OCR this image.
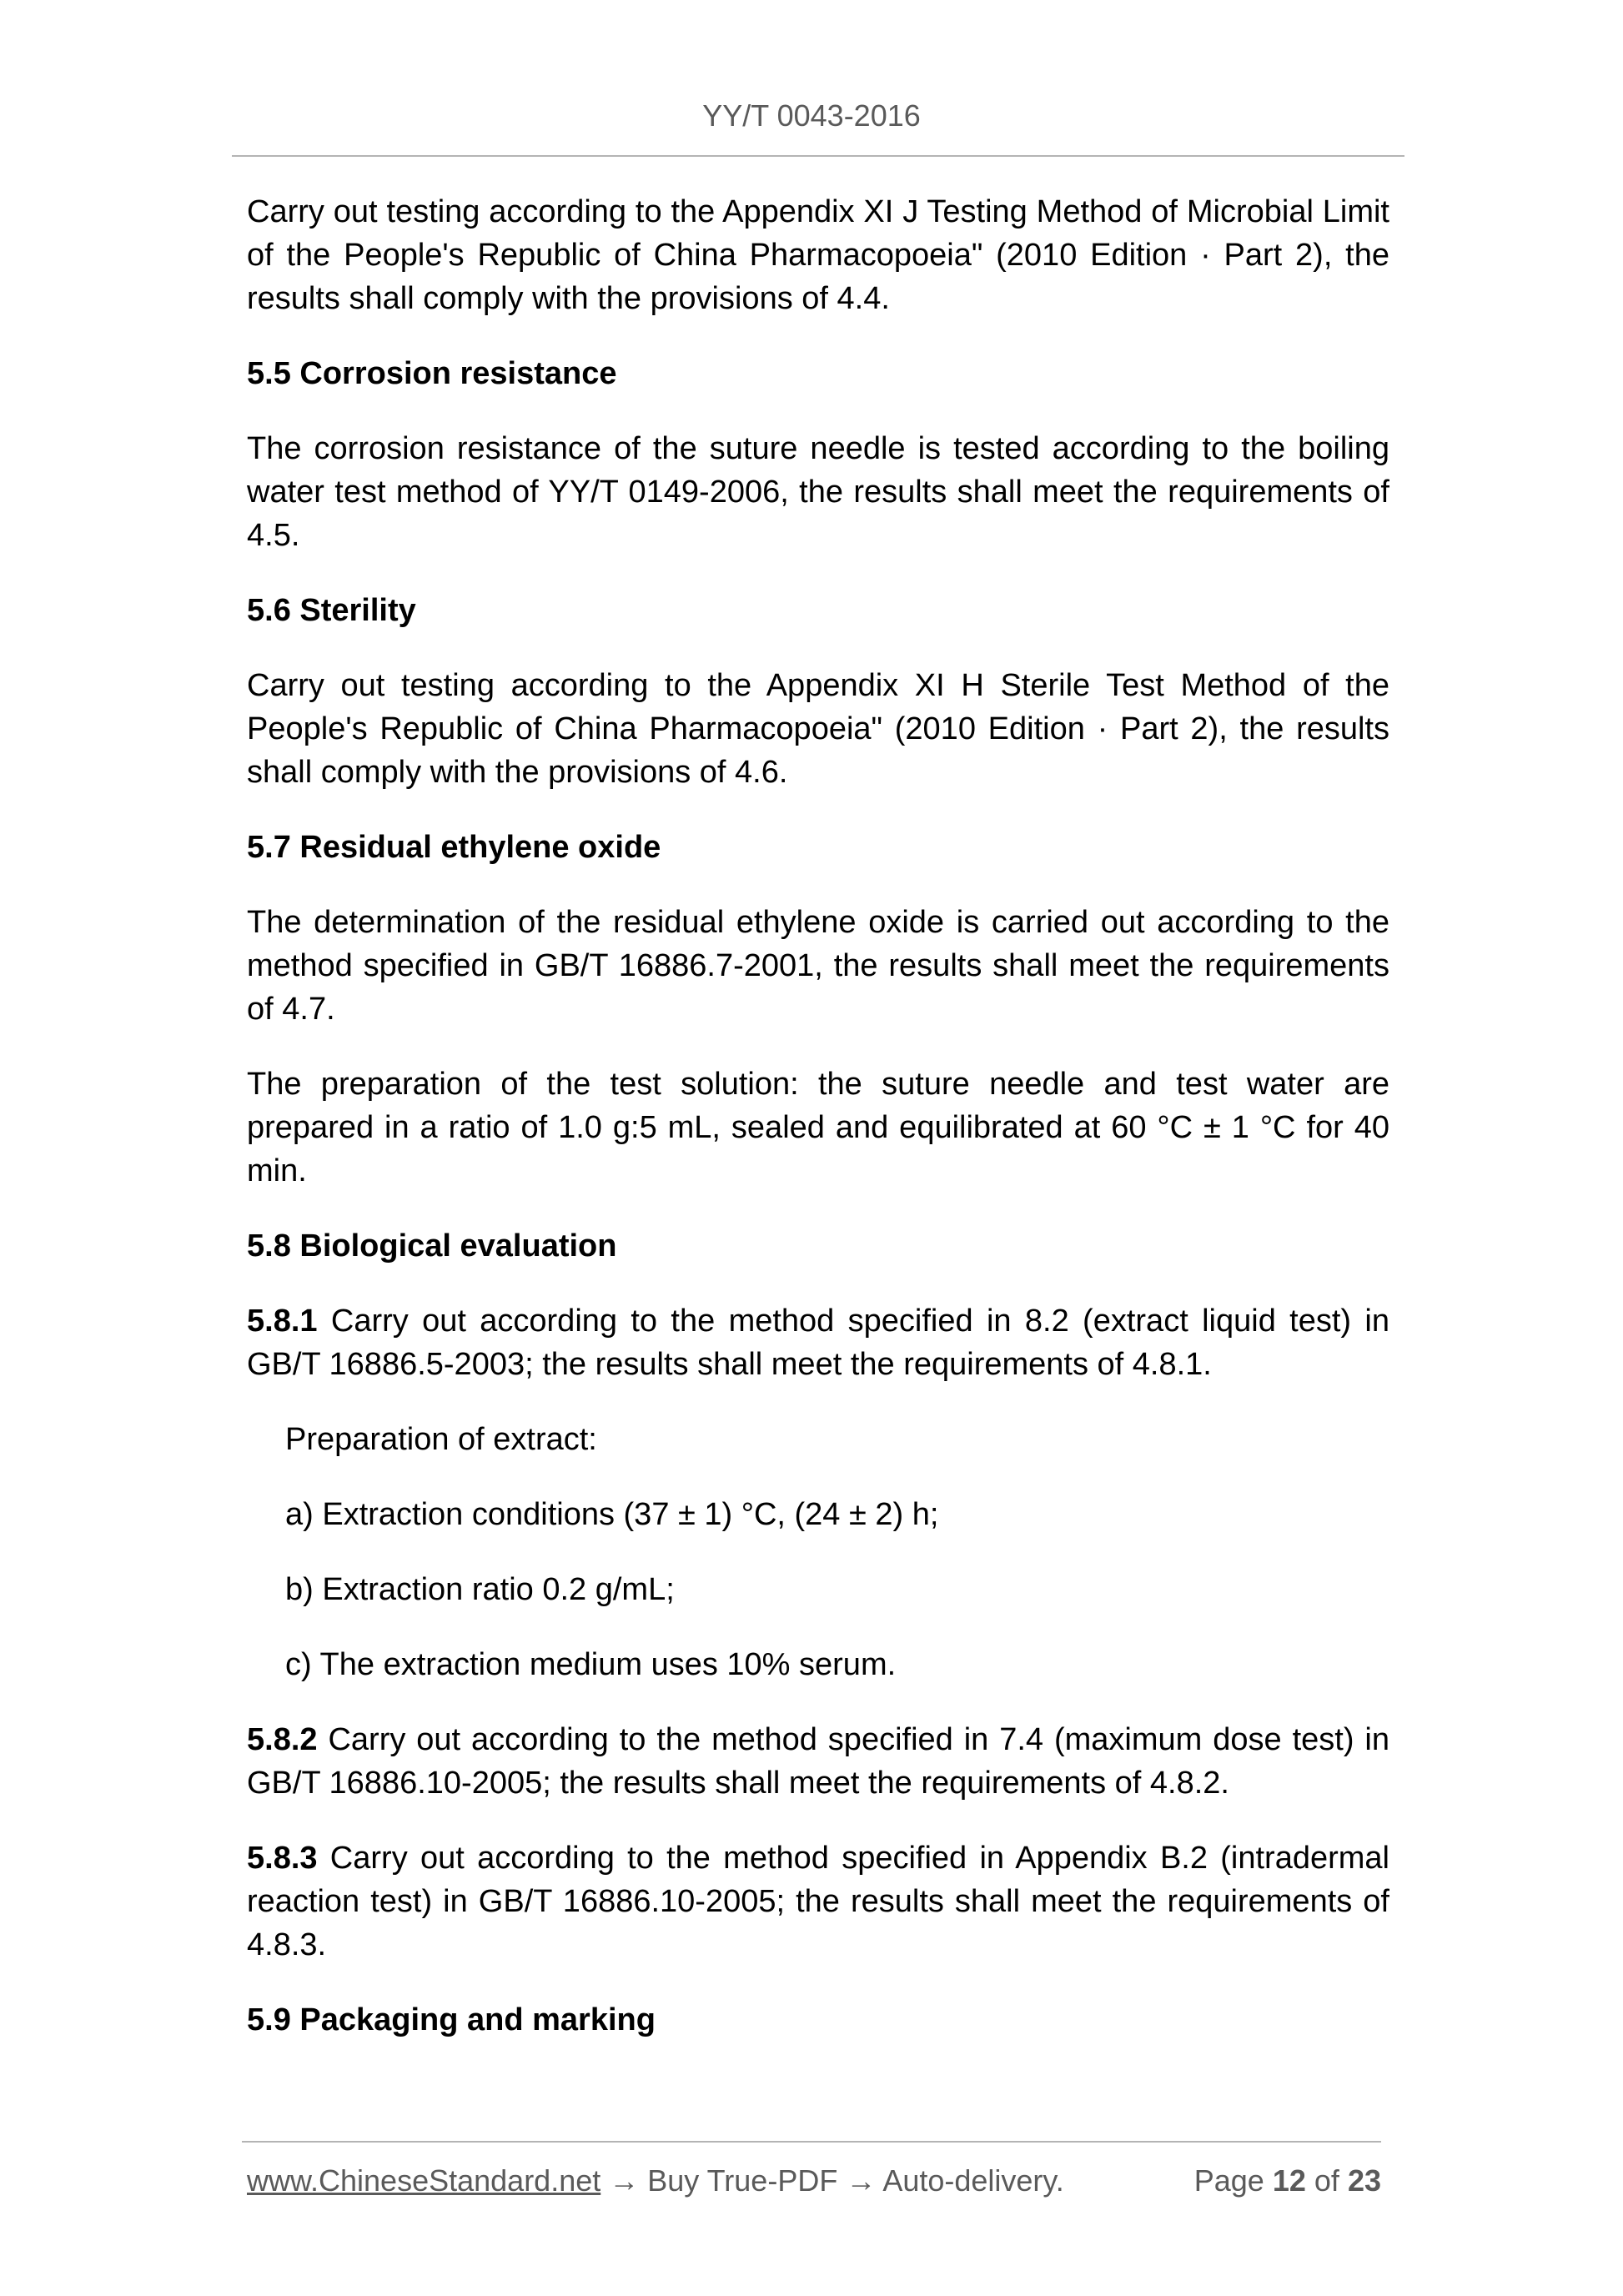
YY/T 0043-2016

Carry out testing according to the Appendix XI J Testing Method of Microbial Limit of the People's Republic of China Pharmacopoeia" (2010 Edition · Part 2), the results shall comply with the provisions of 4.4.

5.5 Corrosion resistance

The corrosion resistance of the suture needle is tested according to the boiling water test method of YY/T 0149-2006, the results shall meet the requirements of 4.5.

5.6 Sterility

Carry out testing according to the Appendix XI H Sterile Test Method of the People's Republic of China Pharmacopoeia" (2010 Edition · Part 2), the results shall comply with the provisions of 4.6.

5.7 Residual ethylene oxide

The determination of the residual ethylene oxide is carried out according to the method specified in GB/T 16886.7-2001, the results shall meet the requirements of 4.7.

The preparation of the test solution: the suture needle and test water are prepared in a ratio of 1.0 g:5 mL, sealed and equilibrated at 60 °C ± 1 °C for 40 min.

5.8 Biological evaluation

5.8.1 Carry out according to the method specified in 8.2 (extract liquid test) in GB/T 16886.5-2003; the results shall meet the requirements of 4.8.1.

Preparation of extract:

a) Extraction conditions (37 ± 1) °C, (24 ± 2) h;

b) Extraction ratio 0.2 g/mL;

c) The extraction medium uses 10% serum.

5.8.2 Carry out according to the method specified in 7.4 (maximum dose test) in GB/T 16886.10-2005; the results shall meet the requirements of 4.8.2.

5.8.3 Carry out according to the method specified in Appendix B.2 (intradermal reaction test) in GB/T 16886.10-2005; the results shall meet the requirements of 4.8.3.

5.9 Packaging and marking

www.ChineseStandard.net → Buy True-PDF → Auto-delivery.	Page 12 of 23
